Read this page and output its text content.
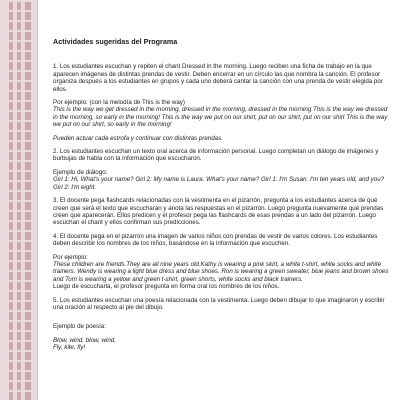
Actividades sugeridas del Programa

1. Los estudiantes escuchan y repiten el chant Dressed in the morning. Luego reciben una ficha de trabajo en la que aparecen imágenes de distintas prendas de vestir. Deben encerrar en un círculo las que nombra la canción. El profesor organiza después a los estudiantes en grupos y cada uno deberá cantar la canción con una prenda de vestir elegida por ellos.

Por ejemplo: (con la melodía de This is the way)

This is the way we get dressed in the morning, dressed in the morning, dressed in the morning This is the way we dressed in the morning, so early in the morning! This is the way we put on our shirt, put on our shirt, put on our shirt This is the way we put on our shirt, so early in the morning!

Pueden actuar cada estrofa y continuar con distintas prendas.

2. Los estudiantes escuchan un texto oral acerca de información personal. Luego completan un diálogo de imágenes y burbujas de habla con la información que escucharon.

Ejemplo de diálogo:

Girl 1: Hi, What's your name? Girl 2: My name is Laura. What's your name? Girl 1: I'm Susan. I'm ten years old, and you? Girl 2: I'm eight.

3. El docente pega flashcards relacionadas con la vestimenta en el pizarrón, pregunta a los estudiantes acerca de qué creen que será el texto que escucharán y anota las respuestas en el pizarrón. Luego pregunta nuevamente qué prendas creen que aparecerán. Ellos predicen y el profesor pega las flashcards de esas prendas a un lado del pizarrón. Luego escuchan el chant y ellos confirman sus predicciones.

4. El docente pega en el pizarrón una imagen de varios niños con prendas de vestir de varios colores. Los estudiantes deben describir los nombres de los niños, basándose en la información que escuchen.

Por ejemplo:

These children are friends.They are all nine years old.Kathy is wearing a pink skirt, a white t-shirt, white socks and white trainers. Wendy is wearing a light blue dress and blue shoes. Ron is wearing a green sweater, blue jeans and brown shoes and Tom is wearing a yellow and green t-shirt, green shorts, white socks and black trainers.

Luego de escucharla, el profesor pregunta en forma oral los nombres de los niños.

5. Los estudiantes escuchan una poesía relacionada con la vestimenta. Luego deben dibujar lo que imaginaron y escribir una oración al respecto al pie del dibujo.

Ejemplo de poesía:

Blow, wind, blow, wind,

Fly, kite, fly!
